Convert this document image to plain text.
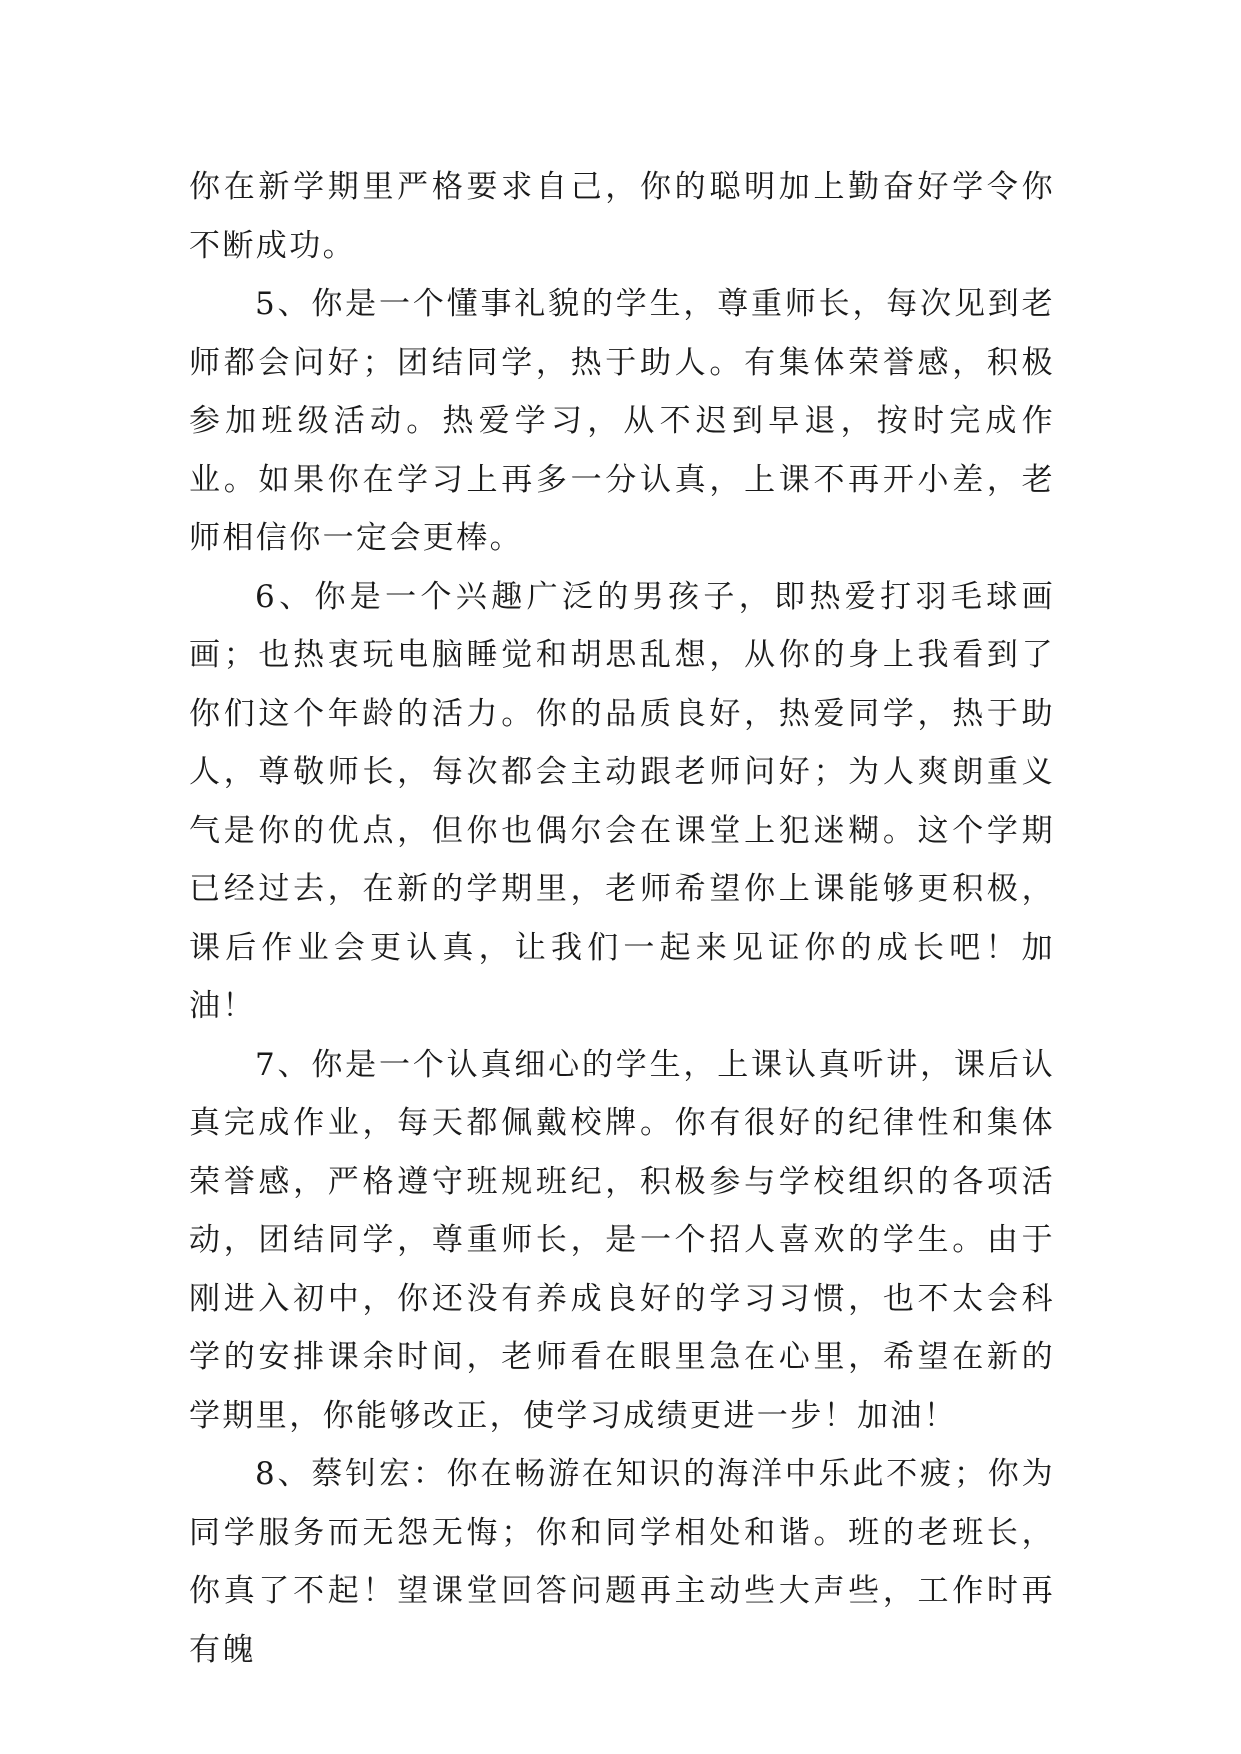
你在新学期里严格要求自己，你的聪明加上勤奋好学令你不断成功。

5、你是一个懂事礼貌的学生，尊重师长，每次见到老师都会问好；团结同学，热于助人。有集体荣誉感，积极参加班级活动。热爱学习，从不迟到早退，按时完成作业。如果你在学习上再多一分认真，上课不再开小差，老师相信你一定会更棒。

6、你是一个兴趣广泛的男孩子，即热爱打羽毛球画画；也热衷玩电脑睡觉和胡思乱想，从你的身上我看到了你们这个年龄的活力。你的品质良好，热爱同学，热于助人，尊敬师长，每次都会主动跟老师问好；为人爽朗重义气是你的优点，但你也偶尔会在课堂上犯迷糊。这个学期已经过去，在新的学期里，老师希望你上课能够更积极，课后作业会更认真，让我们一起来见证你的成长吧！加油！

7、你是一个认真细心的学生，上课认真听讲，课后认真完成作业，每天都佩戴校牌。你有很好的纪律性和集体荣誉感，严格遵守班规班纪，积极参与学校组织的各项活动，团结同学，尊重师长，是一个招人喜欢的学生。由于刚进入初中，你还没有养成良好的学习习惯，也不太会科学的安排课余时间，老师看在眼里急在心里，希望在新的学期里，你能够改正，使学习成绩更进一步！加油！

8、蔡钊宏：你在畅游在知识的海洋中乐此不疲；你为同学服务而无怨无悔；你和同学相处和谐。班的老班长，你真了不起！望课堂回答问题再主动些大声些，工作时再有魄
